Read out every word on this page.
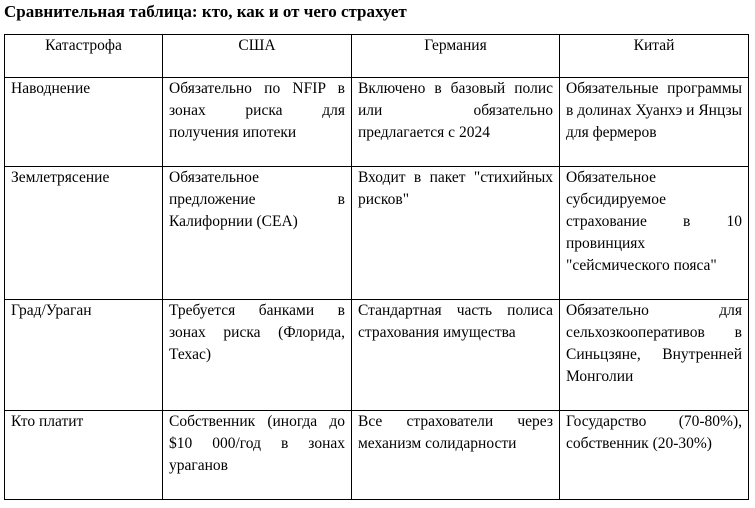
Сравнительная таблица: кто, как и от чего страхует
Катастрофа	США	Германия	Китай
Наводнение	Обязательно по NFIP в зонах риска для получения ипотеки	Включено в базовый полис или обязательно предлагается с 2024	Обязательные программы в долинах Хуанхэ и Янцзы для фермеров
Землетрясение	Обязательное предложение в Калифорнии (CEA)	Входит в пакет "стихийных рисков"	Обязательное субсидируемое страхование в 10 провинциях "сейсмического пояса"
Град/Ураган	Требуется банками в зонах риска (Флорида, Техас)	Стандартная часть полиса страхования имущества	Обязательно для сельхозкооперативов в Синьцзяне, Внутренней Монголии
Кто платит	Собственник (иногда до $10 000/год в зонах ураганов	Все страхователи через механизм солидарности	Государство (70-80%), собственник (20-30%)
